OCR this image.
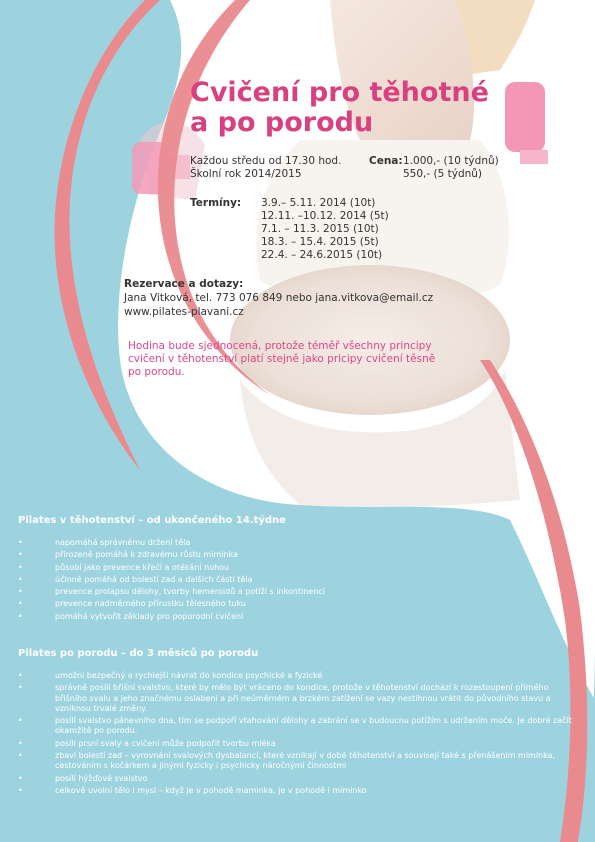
Cvičení pro těhotné
a po porodu
Každou středu od 17.30 hod.
Školní rok 2014/2015
Cena: 1.000,- (10 týdnů)
550,- (5 týdnů)
Termíny: 3.9.– 5.11. 2014 (10t)
12.11. –10.12. 2014 (5t)
7.1. – 11.3. 2015 (10t)
18.3. – 15.4. 2015 (5t)
22.4. – 24.6.2015 (10t)
Rezervace a dotazy:
Jana Vitková, tel. 773 076 849 nebo jana.vitkova@email.cz
www.pilates-plavani.cz
Hodina bude sjednocená, protože téměř všechny principy cvičení v těhotenství platí stejně jako pricipy cvičení těsně po porodu.
Pilates v těhotenství – od ukončeného 14.týdne
•	napomáhá správnému držení těla
•	přirozeně pomáhá k zdravému růstu miminka
•	působí jako prevence křečí a otékání nohou
•	účinně pomáhá od bolestí zad a dalších částí těla
•	prevence prolapsu dělohy, tvorby hemeroidů a potíží s inkontinencí
•	prevence nadměrného přírustku tělesného tuku
•	pomáhá vytvořit základy pro poporodní cvičení
Pilates po porodu – do 3 měsíců po porodu
•	umožní bezpečný a rychlejší návrat do kondice psychické a fyzické
•	správně posílí břišní svalstvo, které by mělo být vráceno do kondice, protože v těhotenství dochází k rozestoupení přímého břišního svalu a jeho značnému oslabení a při neúměrném a brzkém zatížení se vazy nestihnou vrátit do původního stavu a vzniknou trvalé změny.
•	posílí svalstvo pánevního dna, tím se podpoří vtahování dělohy a zabrání se v budoucnu potížím s udržením moče. Je dobré začít okamžitě po porodu.
•	posílí prsní svaly a cvičení může podpořit tvorbu mléka
•	zbaví bolestí zad – vyrovnání svalových dysbalancí, které vznikají v době těhotenství a souvisejí také s přenášením miminka, cestováním s kočárkem a jinými fyzicky i psychicky náročnými činnostmi
•	posílí hýžďové svalstvo
•	celkově uvolní tělo i mysl – když je v pohodě maminka, je v pohodě i miminko
